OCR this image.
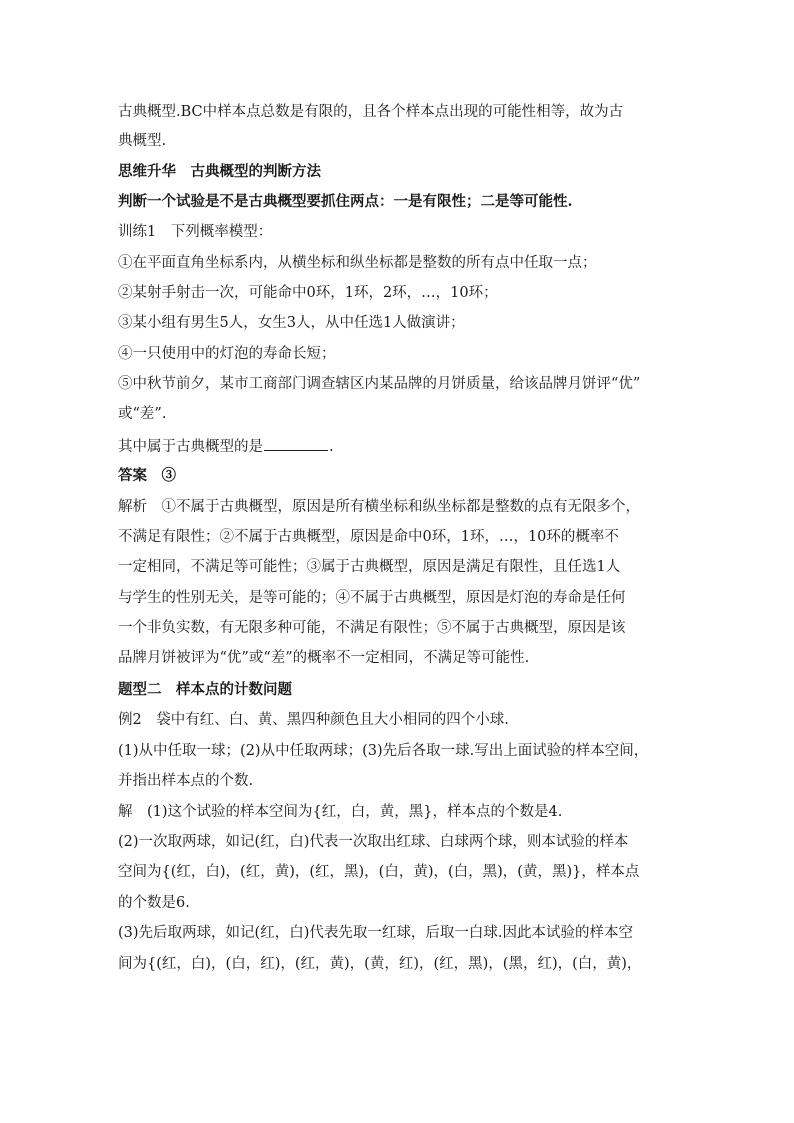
古典概型.BC中样本点总数是有限的，且各个样本点出现的可能性相等，故为古
典概型.
思维升华　古典概型的判断方法
判断一个试验是不是古典概型要抓住两点：一是有限性；二是等可能性.
训练1　下列概率模型：
①在平面直角坐标系内，从横坐标和纵坐标都是整数的所有点中任取一点；
②某射手射击一次，可能命中0环，1环，2环，…，10环；
③某小组有男生5人，女生3人，从中任选1人做演讲；
④一只使用中的灯泡的寿命长短；
⑤中秋节前夕，某市工商部门调查辖区内某品牌的月饼质量，给该品牌月饼评“优”
或“差”.
其中属于古典概型的是	.
答案　③
解析　①不属于古典概型，原因是所有横坐标和纵坐标都是整数的点有无限多个，
不满足有限性；②不属于古典概型，原因是命中0环，1环，…，10环的概率不
一定相同，不满足等可能性；③属于古典概型，原因是满足有限性，且任选1人
与学生的性别无关，是等可能的；④不属于古典概型，原因是灯泡的寿命是任何
一个非负实数，有无限多种可能，不满足有限性；⑤不属于古典概型，原因是该
品牌月饼被评为“优”或“差”的概率不一定相同，不满足等可能性.
题型二　样本点的计数问题
例2　袋中有红、白、黄、黑四种颜色且大小相同的四个小球.
(1)从中任取一球；(2)从中任取两球；(3)先后各取一球.写出上面试验的样本空间，
并指出样本点的个数.
解　(1)这个试验的样本空间为{红，白，黄，黑}，样本点的个数是4.
(2)一次取两球，如记(红，白)代表一次取出红球、白球两个球，则本试验的样本
空间为{(红，白)，(红，黄)，(红，黑)，(白，黄)，(白，黑)，(黄，黑)}，样本点
的个数是6.
(3)先后取两球，如记(红，白)代表先取一红球，后取一白球.因此本试验的样本空
间为{(红，白)，(白，红)，(红，黄)，(黄，红)，(红，黑)，(黑，红)，(白，黄)，
